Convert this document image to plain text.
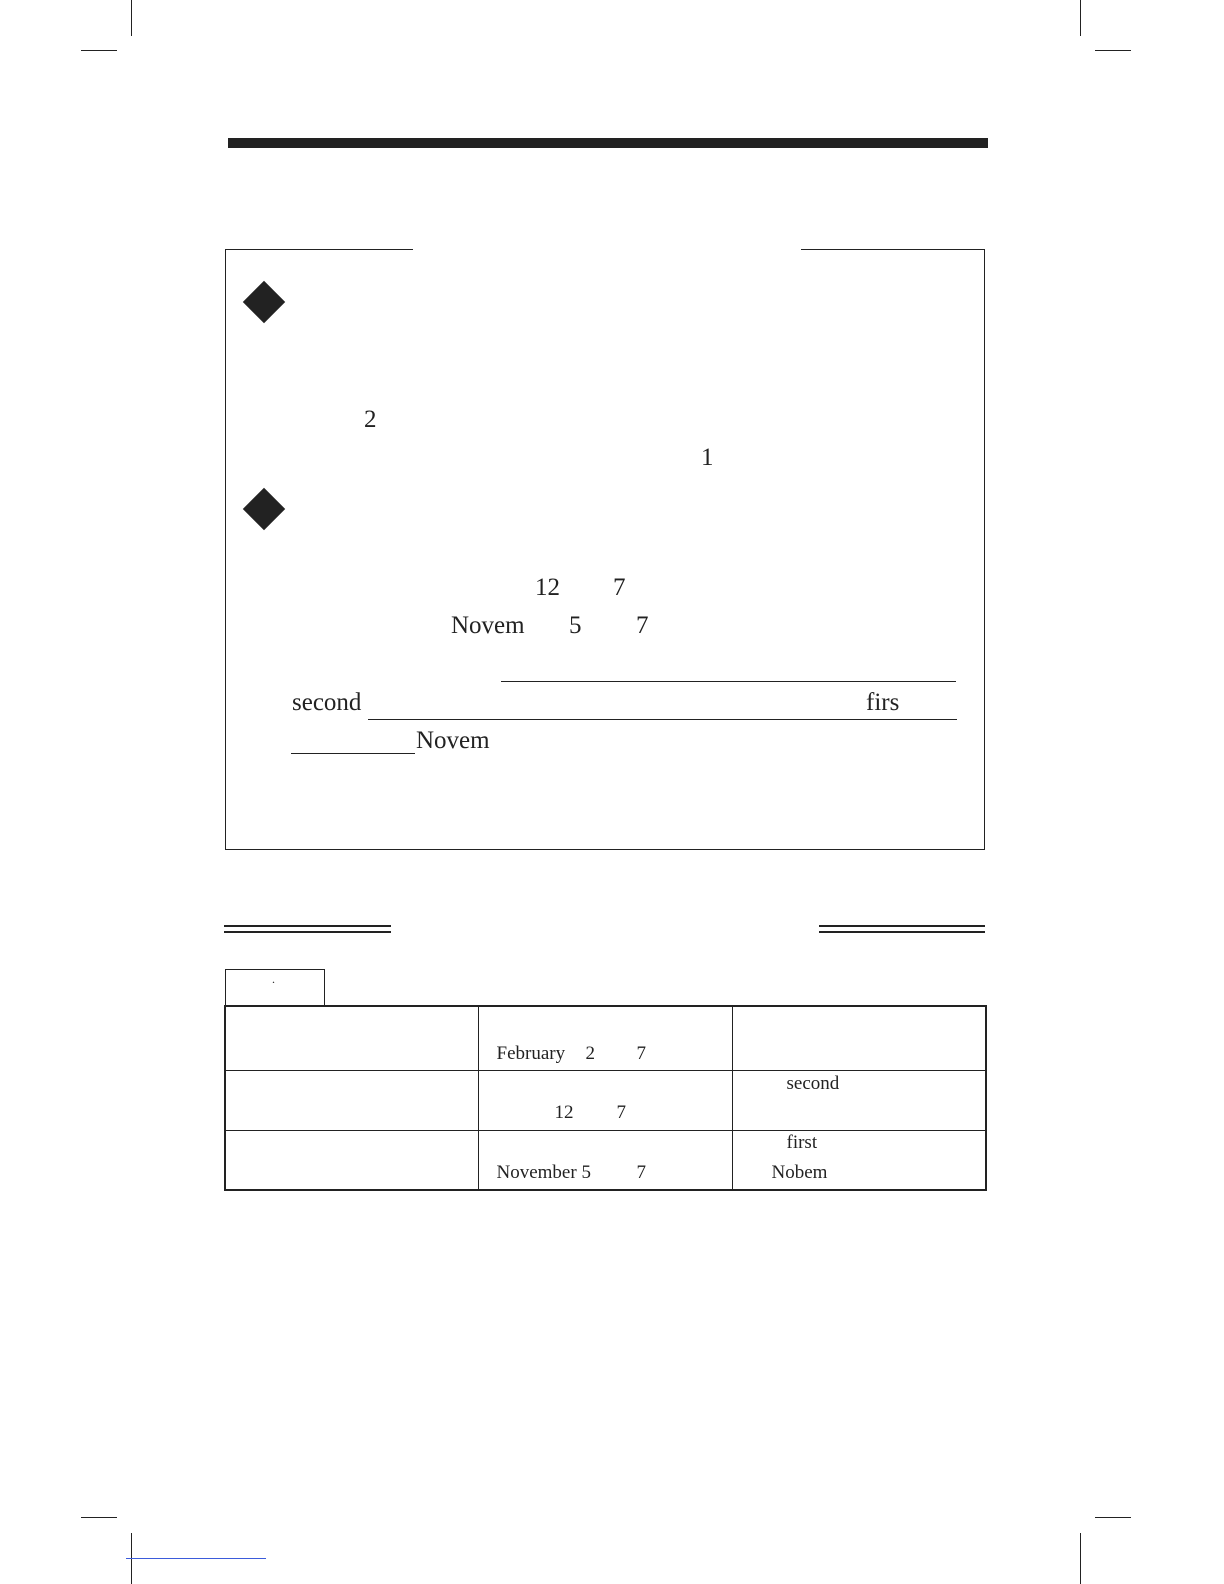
2
1
12 7
Novem 5 7
second	firs
Novem
.

	February 2 7	

	12 7	second

	November 5 7	first
Nobem
